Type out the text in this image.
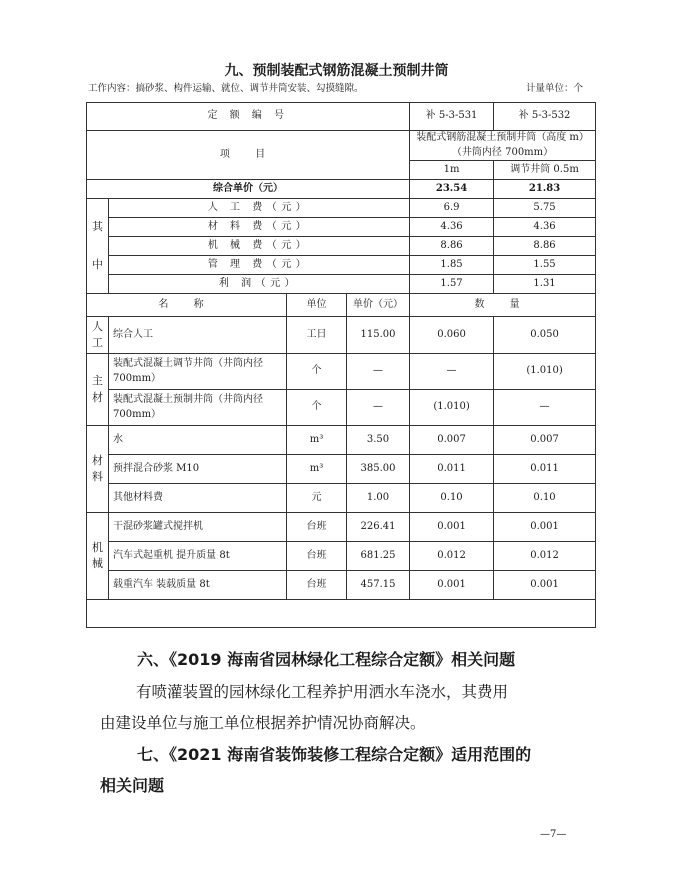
九、预制装配式钢筋混凝土预制井筒
工作内容：搞砂浆、构件运输、就位、调节井筒安装、勾摸缝隙。	计量单位：个
定 额 编 号				补 5-3-531	补 5-3-532
项 目				装配式钢筋混凝土预制井筒（高度 m）
（井筒内径 700mm）	

				1m	调节井筒 0.5m
综合单价（元）				23.54	21.83

其
中	人 工 费（元）			6.9	5.75
	材 料 费（元）			4.36	4.36
	机 械 费（元）			8.86	8.86
	管 理 费（元）			1.85	1.55
	利 润（元）			1.57	1.31
名 称		单位	单价（元）	数 量	
人工	综合人工	工日	115.00	0.060	0.050
主材	装配式混凝土调节井筒（井筒内径 700mm）	个	—	—	(1.010)
	装配式混凝土预制井筒（井筒内径 700mm）	个	—	(1.010)	—
材料	水	m³	3.50	0.007	0.007
	预拌混合砂浆 M10	m³	385.00	0.011	0.011
	其他材料费	元	1.00	0.10	0.10
机械	干混砂浆罐式搅拌机	台班	226.41	0.001	0.001
	汽车式起重机 提升质量 8t	台班	681.25	0.012	0.012
	载重汽车 装载质量 8t	台班	457.15	0.001	0.001

六、《2019 海南省园林绿化工程综合定额》相关问题
有喷灌装置的园林绿化工程养护用洒水车浇水，其费用
由建设单位与施工单位根据养护情况协商解决。
七、《2021 海南省装饰装修工程综合定额》适用范围的
相关问题
—7—
